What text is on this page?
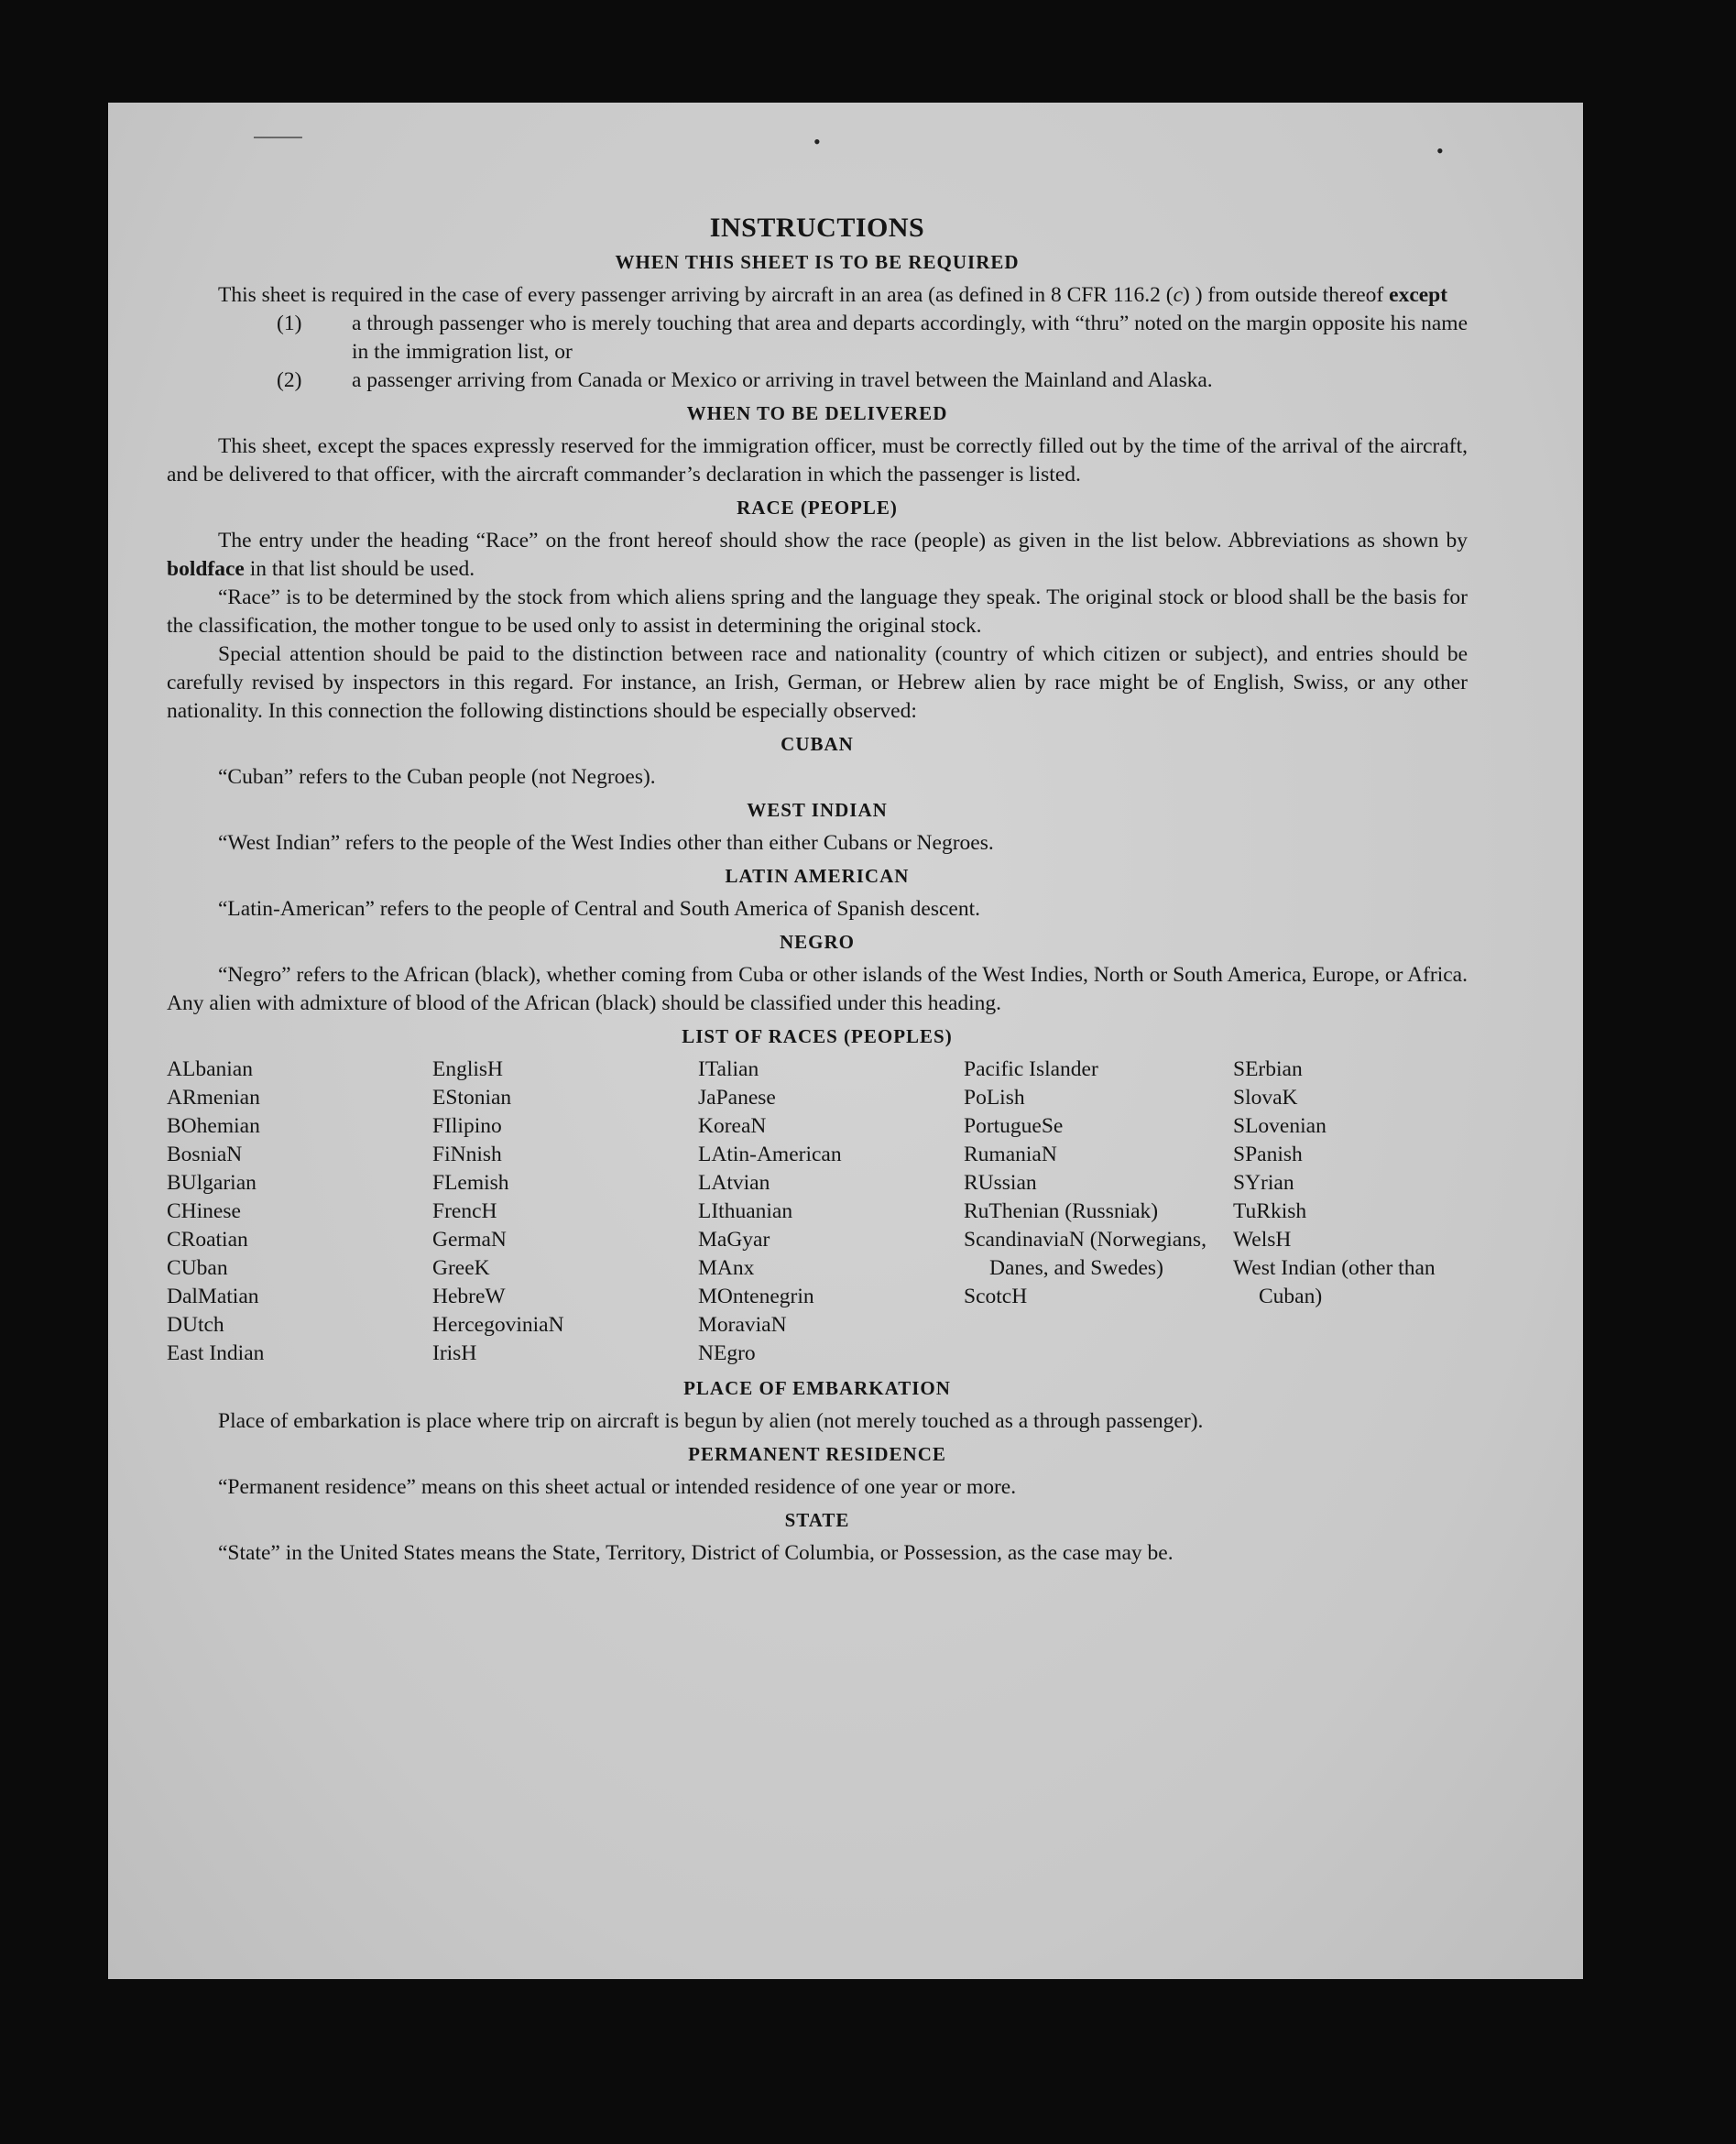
⸻	•	•
INSTRUCTIONS
WHEN THIS SHEET IS TO BE REQUIRED

This sheet is required in the case of every passenger arriving by aircraft in an area (as defined in 8 CFR 116.2 (c) ) from outside thereof except

(1) a through passenger who is merely touching that area and departs accordingly, with “thru” noted on the margin opposite his name in the immigration list, or

(2) a passenger arriving from Canada or Mexico or arriving in travel between the Mainland and Alaska.

WHEN TO BE DELIVERED

This sheet, except the spaces expressly reserved for the immigration officer, must be correctly filled out by the time of the arrival of the aircraft, and be delivered to that officer, with the aircraft commander’s declaration in which the passenger is listed.

RACE (PEOPLE)

The entry under the heading “Race” on the front hereof should show the race (people) as given in the list below. Abbreviations as shown by boldface in that list should be used.

“Race” is to be determined by the stock from which aliens spring and the language they speak. The original stock or blood shall be the basis for the classification, the mother tongue to be used only to assist in determining the original stock.

Special attention should be paid to the distinction between race and nationality (country of which citizen or subject), and entries should be carefully revised by inspectors in this regard. For instance, an Irish, German, or Hebrew alien by race might be of English, Swiss, or any other nationality. In this connection the following distinctions should be especially observed:

CUBAN

“Cuban” refers to the Cuban people (not Negroes).

WEST INDIAN

“West Indian” refers to the people of the West Indies other than either Cubans or Negroes.

LATIN AMERICAN

“Latin-American” refers to the people of Central and South America of Spanish descent.

NEGRO

“Negro” refers to the African (black), whether coming from Cuba or other islands of the West Indies, North or South America, Europe, or Africa. Any alien with admixture of blood of the African (black) should be classified under this heading.

LIST OF RACES (PEOPLES)
ALbanian
ARmenian
BOhemian
BosniaN
BUlgarian
CHinese
CRoatian
CUban
DalMatian
DUtch
East Indian
EnglisH
EStonian
FIlipino
FiNnish
FLemish
FrencH
GermaN
GreeK
HebreW
HercegoviniaN
IrisH
ITalian
JaPanese
KoreaN
LAtin-American
LAtvian
LIthuanian
MaGyar
MAnx
MOntenegrin
MoraviaN
NEgro
Pacific Islander
PoLish
PortugueSe
RumaniaN
RUssian
RuThenian (Russniak)
ScandinaviaN (Norwegians, Danes, and Swedes)
ScotcH
SErbian
SlovaK
SLovenian
SPanish
SYrian
TuRkish
WelsH
West Indian (other than Cuban)
PLACE OF EMBARKATION

Place of embarkation is place where trip on aircraft is begun by alien (not merely touched as a through passenger).

PERMANENT RESIDENCE

“Permanent residence” means on this sheet actual or intended residence of one year or more.

STATE

“State” in the United States means the State, Territory, District of Columbia, or Possession, as the case may be.
